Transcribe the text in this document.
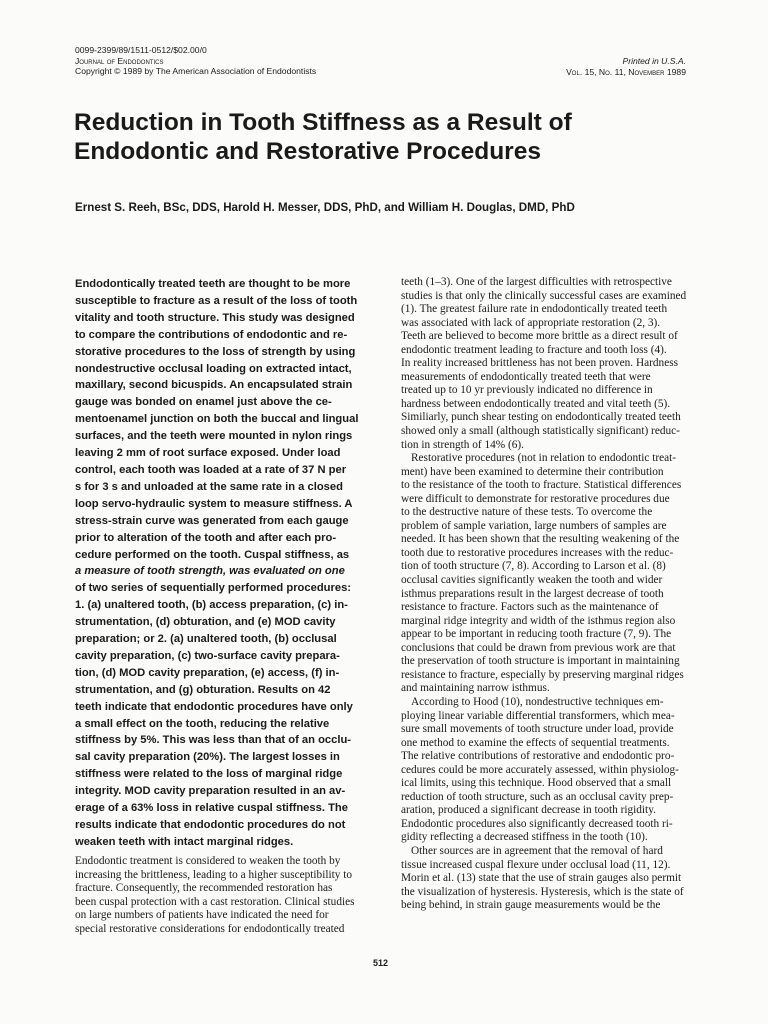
0099-2399/89/1511-0512/$02.00/0
Journal of Endodontics
Copyright © 1989 by The American Association of Endodontists
Printed in U.S.A.
Vol. 15, No. 11, November 1989
Reduction in Tooth Stiffness as a Result of
Endodontic and Restorative Procedures
Ernest S. Reeh, BSc, DDS, Harold H. Messer, DDS, PhD, and William H. Douglas, DMD, PhD
Endodontically treated teeth are thought to be more
susceptible to fracture as a result of the loss of tooth
vitality and tooth structure. This study was designed
to compare the contributions of endodontic and re-
storative procedures to the loss of strength by using
nondestructive occlusal loading on extracted intact,
maxillary, second bicuspids. An encapsulated strain
gauge was bonded on enamel just above the ce-
mentoenamel junction on both the buccal and lingual
surfaces, and the teeth were mounted in nylon rings
leaving 2 mm of root surface exposed. Under load
control, each tooth was loaded at a rate of 37 N per
s for 3 s and unloaded at the same rate in a closed
loop servo-hydraulic system to measure stiffness. A
stress-strain curve was generated from each gauge
prior to alteration of the tooth and after each pro-
cedure performed on the tooth. Cuspal stiffness, as
a measure of tooth strength, was evaluated on one
of two series of sequentially performed procedures:
1. (a) unaltered tooth, (b) access preparation, (c) in-
strumentation, (d) obturation, and (e) MOD cavity
preparation; or 2. (a) unaltered tooth, (b) occlusal
cavity preparation, (c) two-surface cavity prepara-
tion, (d) MOD cavity preparation, (e) access, (f) in-
strumentation, and (g) obturation. Results on 42
teeth indicate that endodontic procedures have only
a small effect on the tooth, reducing the relative
stiffness by 5%. This was less than that of an occlu-
sal cavity preparation (20%). The largest losses in
stiffness were related to the loss of marginal ridge
integrity. MOD cavity preparation resulted in an av-
erage of a 63% loss in relative cuspal stiffness. The
results indicate that endodontic procedures do not
weaken teeth with intact marginal ridges.
Endodontic treatment is considered to weaken the tooth by
increasing the brittleness, leading to a higher susceptibility to
fracture. Consequently, the recommended restoration has
been cuspal protection with a cast restoration. Clinical studies
on large numbers of patients have indicated the need for
special restorative considerations for endodontically treated
teeth (1–3). One of the largest difficulties with retrospective
studies is that only the clinically successful cases are examined
(1). The greatest failure rate in endodontically treated teeth
was associated with lack of appropriate restoration (2, 3).
Teeth are believed to become more brittle as a direct result of
endodontic treatment leading to fracture and tooth loss (4).
In reality increased brittleness has not been proven. Hardness
measurements of endodontically treated teeth that were
treated up to 10 yr previously indicated no difference in
hardness between endodontically treated and vital teeth (5).
Similiarly, punch shear testing on endodontically treated teeth
showed only a small (although statistically significant) reduc-
tion in strength of 14% (6).
Restorative procedures (not in relation to endodontic treat-
ment) have been examined to determine their contribution
to the resistance of the tooth to fracture. Statistical differences
were difficult to demonstrate for restorative procedures due
to the destructive nature of these tests. To overcome the
problem of sample variation, large numbers of samples are
needed. It has been shown that the resulting weakening of the
tooth due to restorative procedures increases with the reduc-
tion of tooth structure (7, 8). According to Larson et al. (8)
occlusal cavities significantly weaken the tooth and wider
isthmus preparations result in the largest decrease of tooth
resistance to fracture. Factors such as the maintenance of
marginal ridge integrity and width of the isthmus region also
appear to be important in reducing tooth fracture (7, 9). The
conclusions that could be drawn from previous work are that
the preservation of tooth structure is important in maintaining
resistance to fracture, especially by preserving marginal ridges
and maintaining narrow isthmus.
According to Hood (10), nondestructive techniques em-
ploying linear variable differential transformers, which mea-
sure small movements of tooth structure under load, provide
one method to examine the effects of sequential treatments.
The relative contributions of restorative and endodontic pro-
cedures could be more accurately assessed, within physiolog-
ical limits, using this technique. Hood observed that a small
reduction of tooth structure, such as an occlusal cavity prep-
aration, produced a significant decrease in tooth rigidity.
Endodontic procedures also significantly decreased tooth ri-
gidity reflecting a decreased stiffness in the tooth (10).
Other sources are in agreement that the removal of hard
tissue increased cuspal flexure under occlusal load (11, 12).
Morin et al. (13) state that the use of strain gauges also permit
the visualization of hysteresis. Hysteresis, which is the state of
being behind, in strain gauge measurements would be the
512
